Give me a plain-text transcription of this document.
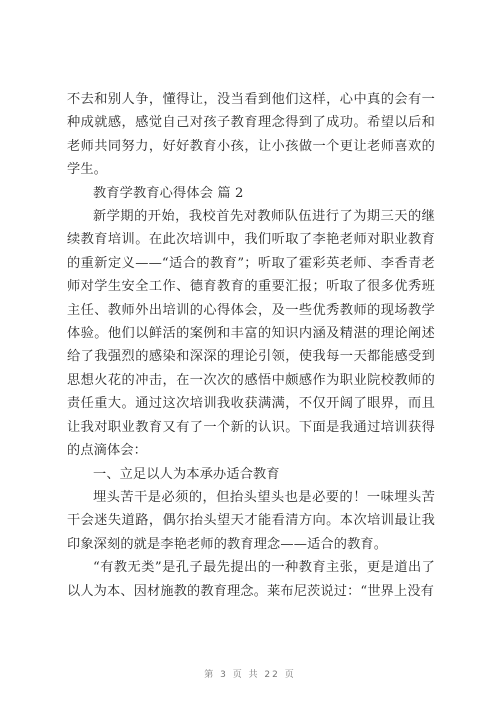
不去和别人争，懂得让，没当看到他们这样，心中真的会有一种成就感，感觉自己对孩子教育理念得到了成功。希望以后和老师共同努力，好好教育小孩，让小孩做一个更让老师喜欢的学生。

教育学教育心得体会 篇 2

新学期的开始，我校首先对教师队伍进行了为期三天的继续教育培训。在此次培训中，我们听取了李艳老师对职业教育的重新定义——“适合的教育”；听取了霍彩英老师、李香青老师对学生安全工作、德育教育的重要汇报；听取了很多优秀班主任、教师外出培训的心得体会，及一些优秀教师的现场教学体验。他们以鲜活的案例和丰富的知识内涵及精湛的理论阐述给了我强烈的感染和深深的理论引领，使我每一天都能感受到思想火花的冲击，在一次次的感悟中颇感作为职业院校教师的责任重大。通过这次培训我收获满满，不仅开阔了眼界，而且让我对职业教育又有了一个新的认识。下面是我通过培训获得的点滴体会：

一、立足以人为本承办适合教育

埋头苦干是必须的，但抬头望头也是必要的！一味埋头苦干会迷失道路，偶尔抬头望天才能看清方向。本次培训最让我印象深刻的就是李艳老师的教育理念——适合的教育。

“有教无类”是孔子最先提出的一种教育主张，更是道出了以人为本、因材施教的教育理念。莱布尼茨说过：“世界上没有

第 3 页 共 22 页
